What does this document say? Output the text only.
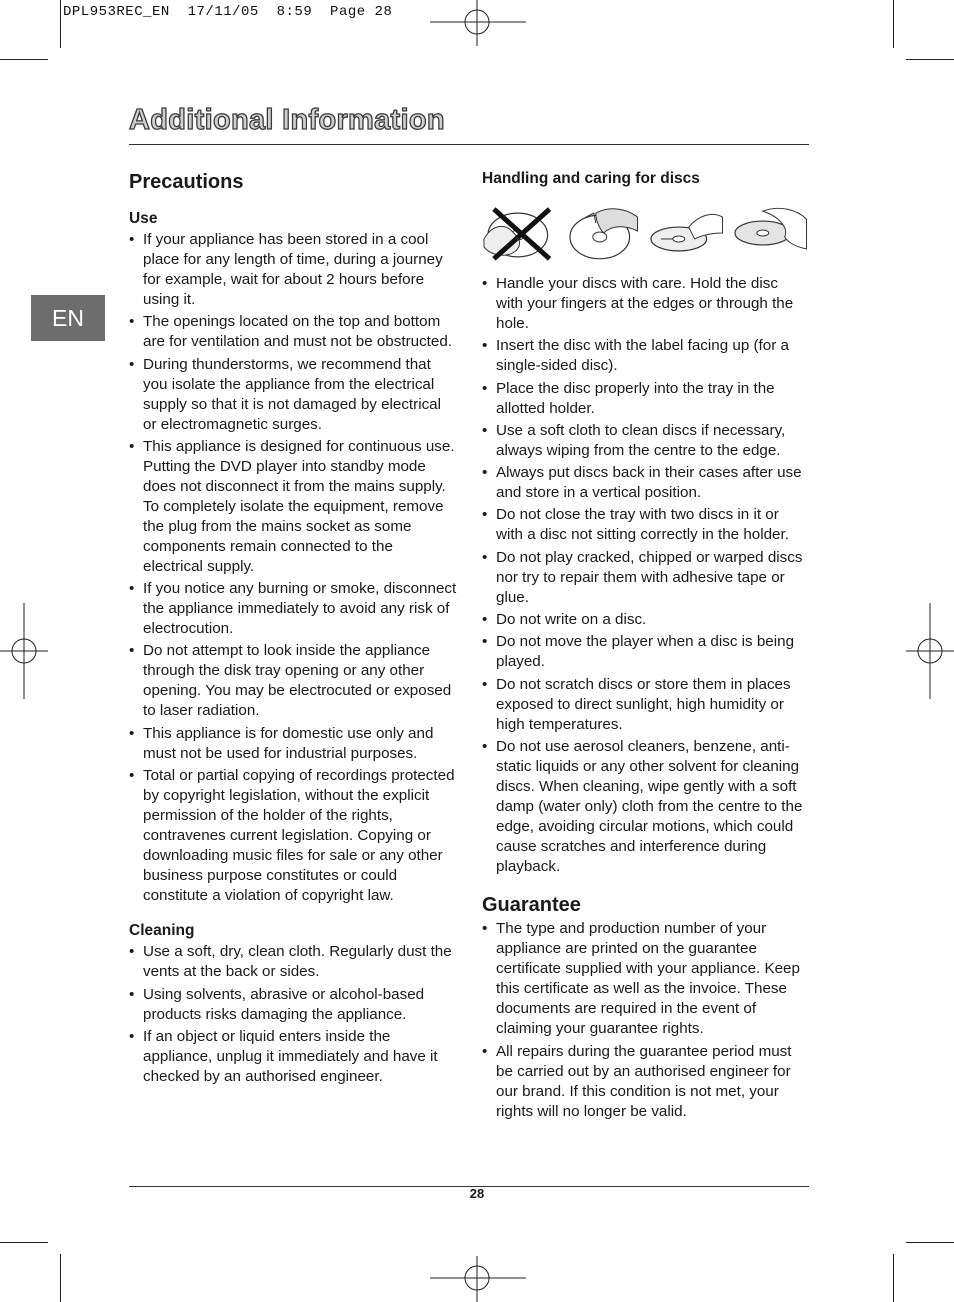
DPL953REC_EN  17/11/05  8:59  Page 28
Additional Information
EN
Precautions
Use
• If your appliance has been stored in a cool place for any length of time, during a journey for example, wait for about 2 hours before using it.
• The openings located on the top and bottom are for ventilation and must not be obstructed.
• During thunderstorms, we recommend that you isolate the appliance from the electrical supply so that it is not damaged by electrical or electromagnetic surges.
• This appliance is designed for continuous use. Putting the DVD player into standby mode does not disconnect it from the mains supply. To completely isolate the equipment, remove the plug from the mains socket as some components remain connected to the electrical supply.
• If you notice any burning or smoke, disconnect the appliance immediately to avoid any risk of electrocution.
• Do not attempt to look inside the appliance through the disk tray opening or any other opening. You may be electrocuted or exposed to laser radiation.
• This appliance is for domestic use only and must not be used for industrial purposes.
• Total or partial copying of recordings protected by copyright legislation, without the explicit permission of the holder of the rights, contravenes current legislation. Copying or downloading music files for sale or any other business purpose constitutes or could constitute a violation of copyright law.
Cleaning
• Use a soft, dry, clean cloth. Regularly dust the vents at the back or sides.
• Using solvents, abrasive or alcohol-based products risks damaging the appliance.
• If an object or liquid enters inside the appliance, unplug it immediately and have it checked by an authorised engineer.
Handling and caring for discs
• Handle your discs with care. Hold the disc with your fingers at the edges or through the hole.
• Insert the disc with the label facing up (for a single-sided disc).
• Place the disc properly into the tray in the allotted holder.
• Use a soft cloth to clean discs if necessary, always wiping from the centre to the edge.
• Always put discs back in their cases after use and store in a vertical position.
• Do not close the tray with two discs in it or with a disc not sitting correctly in the holder.
• Do not play cracked, chipped or warped discs nor try to repair them with adhesive tape or glue.
• Do not write on a disc.
• Do not move the player when a disc is being played.
• Do not scratch discs or store them in places exposed to direct sunlight, high humidity or high temperatures.
• Do not use aerosol cleaners, benzene, anti-static liquids or any other solvent for cleaning discs. When cleaning, wipe gently with a soft damp (water only) cloth from the centre to the edge, avoiding circular motions, which could cause scratches and interference during playback.
Guarantee
• The type and production number of your appliance are printed on the guarantee certificate supplied with your appliance. Keep this certificate as well as the invoice. These documents are required in the event of claiming your guarantee rights.
• All repairs during the guarantee period must be carried out by an authorised engineer for our brand. If this condition is not met, your rights will no longer be valid.
28
